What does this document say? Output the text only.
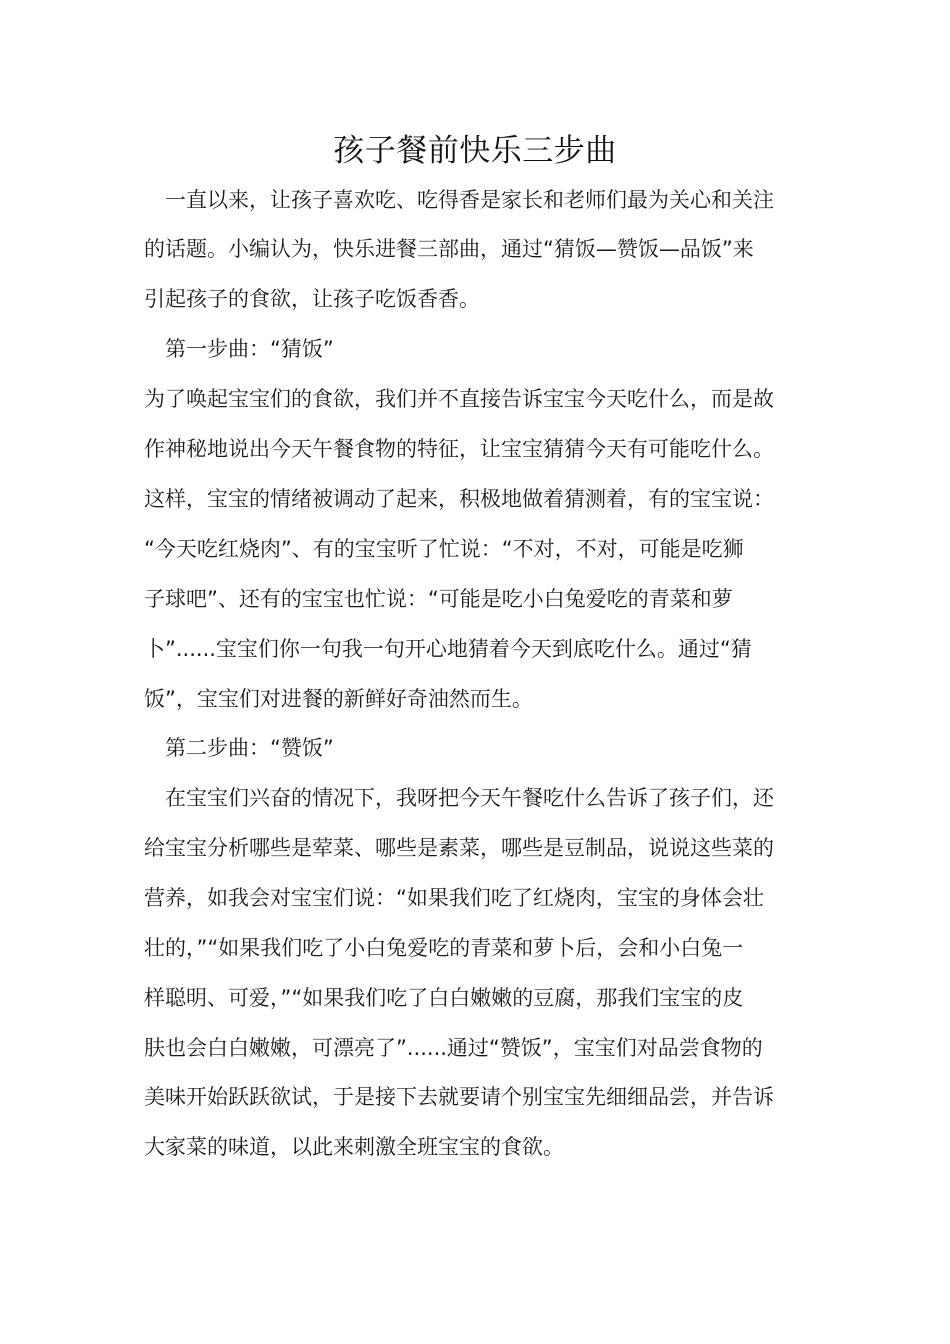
孩子餐前快乐三步曲
　一直以来，让孩子喜欢吃、吃得香是家长和老师们最为关心和关注
的话题。小编认为，快乐进餐三部曲，通过“猜饭—赞饭—品饭”来
引起孩子的食欲，让孩子吃饭香香。
　第一步曲：“猜饭”
为了唤起宝宝们的食欲，我们并不直接告诉宝宝今天吃什么，而是故
作神秘地说出今天午餐食物的特征，让宝宝猜猜今天有可能吃什么。
这样，宝宝的情绪被调动了起来，积极地做着猜测着，有的宝宝说：
“今天吃红烧肉”、有的宝宝听了忙说：“不对，不对，可能是吃狮
子球吧”、还有的宝宝也忙说：“可能是吃小白兔爱吃的青菜和萝
卜”......宝宝们你一句我一句开心地猜着今天到底吃什么。通过“猜
饭”，宝宝们对进餐的新鲜好奇油然而生。
　第二步曲：“赞饭”
　在宝宝们兴奋的情况下，我呀把今天午餐吃什么告诉了孩子们，还
给宝宝分析哪些是荤菜、哪些是素菜，哪些是豆制品，说说这些菜的
营养，如我会对宝宝们说：“如果我们吃了红烧肉，宝宝的身体会壮
壮的，”“如果我们吃了小白兔爱吃的青菜和萝卜后，会和小白兔一
样聪明、可爱，”“如果我们吃了白白嫩嫩的豆腐，那我们宝宝的皮
肤也会白白嫩嫩，可漂亮了”......通过“赞饭”，宝宝们对品尝食物的
美味开始跃跃欲试，于是接下去就要请个别宝宝先细细品尝，并告诉
大家菜的味道，以此来刺激全班宝宝的食欲。
